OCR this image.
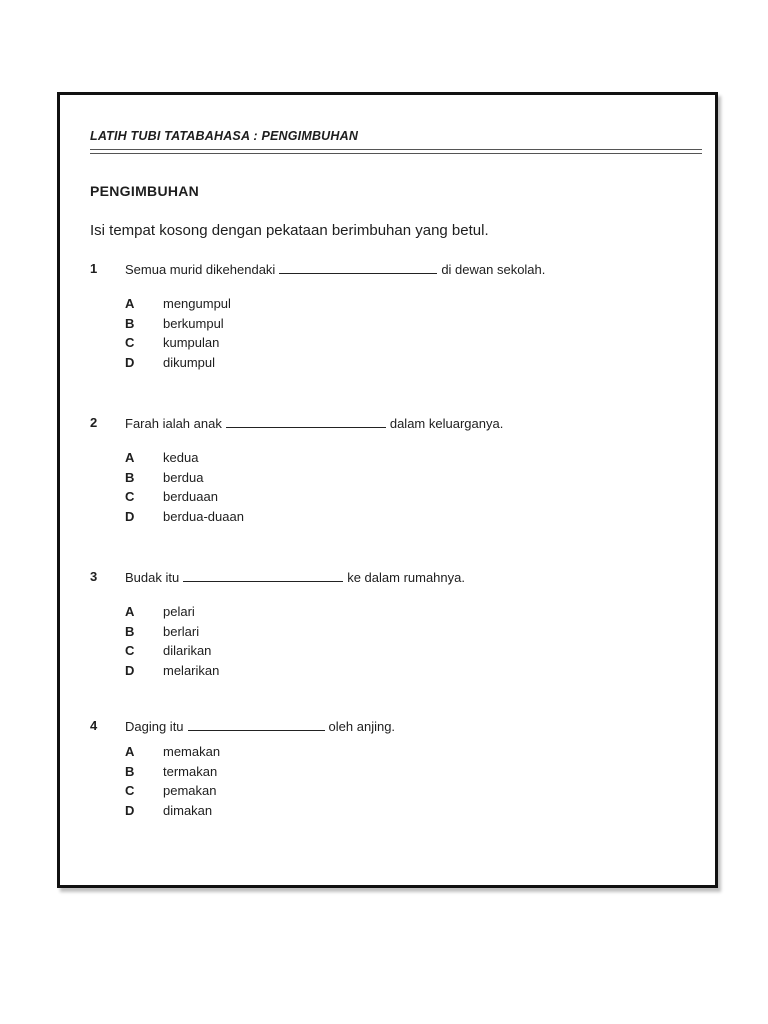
LATIH TUBI TATABAHASA : PENGIMBUHAN
PENGIMBUHAN
Isi tempat kosong dengan pekataan berimbuhan yang betul.
1 Semua murid dikehendaki	di dewan sekolah.
A mengumpul
B berkumpul
C kumpulan
D dikumpul
2 Farah ialah anak	dalam keluarganya.
A kedua
B berdua
C berduaan
D berdua-duaan
3 Budak itu	ke dalam rumahnya.
A pelari
B berlari
C dilarikan
D melarikan
4 Daging itu	oleh anjing.
A memakan
B termakan
C pemakan
D dimakan
